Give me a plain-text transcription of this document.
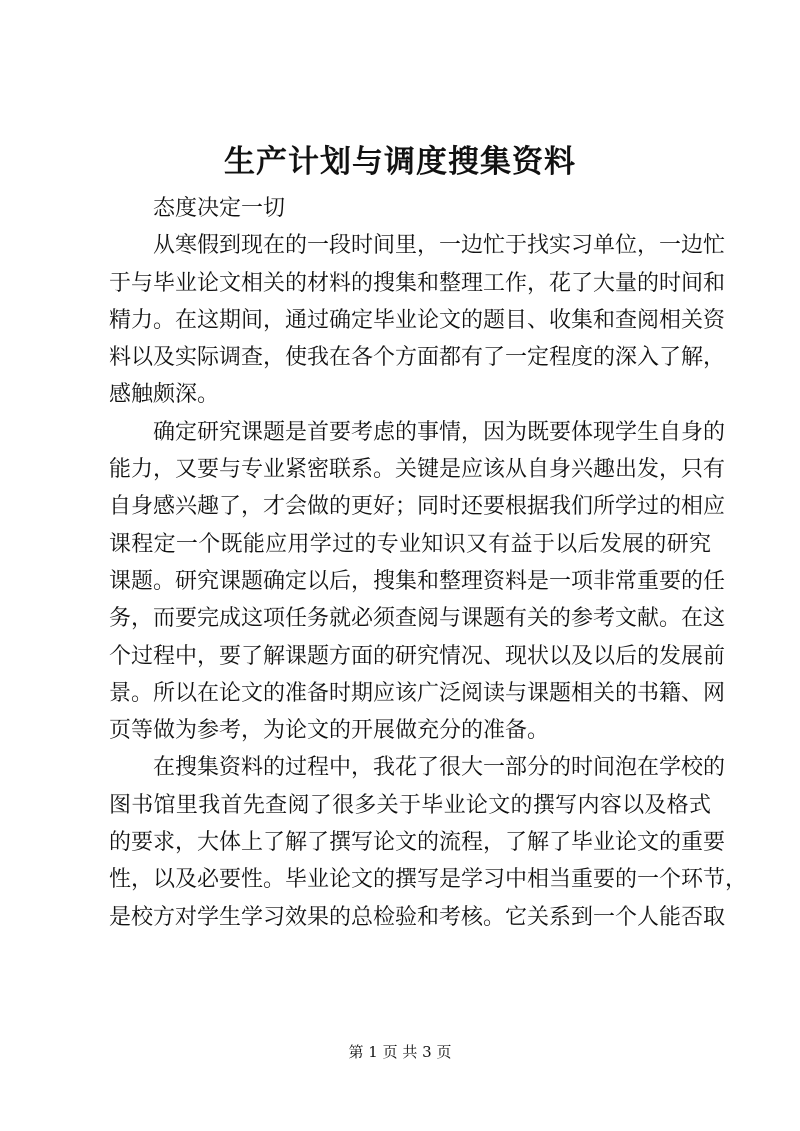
生产计划与调度搜集资料
态度决定一切
从寒假到现在的一段时间里，一边忙于找实习单位，一边忙
于与毕业论文相关的材料的搜集和整理工作，花了大量的时间和
精力。在这期间，通过确定毕业论文的题目、收集和查阅相关资
料以及实际调查，使我在各个方面都有了一定程度的深入了解，
感触颇深。
确定研究课题是首要考虑的事情，因为既要体现学生自身的
能力，又要与专业紧密联系。关键是应该从自身兴趣出发，只有
自身感兴趣了，才会做的更好；同时还要根据我们所学过的相应
课程定一个既能应用学过的专业知识又有益于以后发展的研究
课题。研究课题确定以后，搜集和整理资料是一项非常重要的任
务，而要完成这项任务就必须查阅与课题有关的参考文献。在这
个过程中，要了解课题方面的研究情况、现状以及以后的发展前
景。所以在论文的准备时期应该广泛阅读与课题相关的书籍、网
页等做为参考，为论文的开展做充分的准备。
在搜集资料的过程中，我花了很大一部分的时间泡在学校的
图书馆里我首先查阅了很多关于毕业论文的撰写内容以及格式
的要求，大体上了解了撰写论文的流程，了解了毕业论文的重要
性，以及必要性。毕业论文的撰写是学习中相当重要的一个环节，
是校方对学生学习效果的总检验和考核。它关系到一个人能否取
第 1 页 共 3 页
